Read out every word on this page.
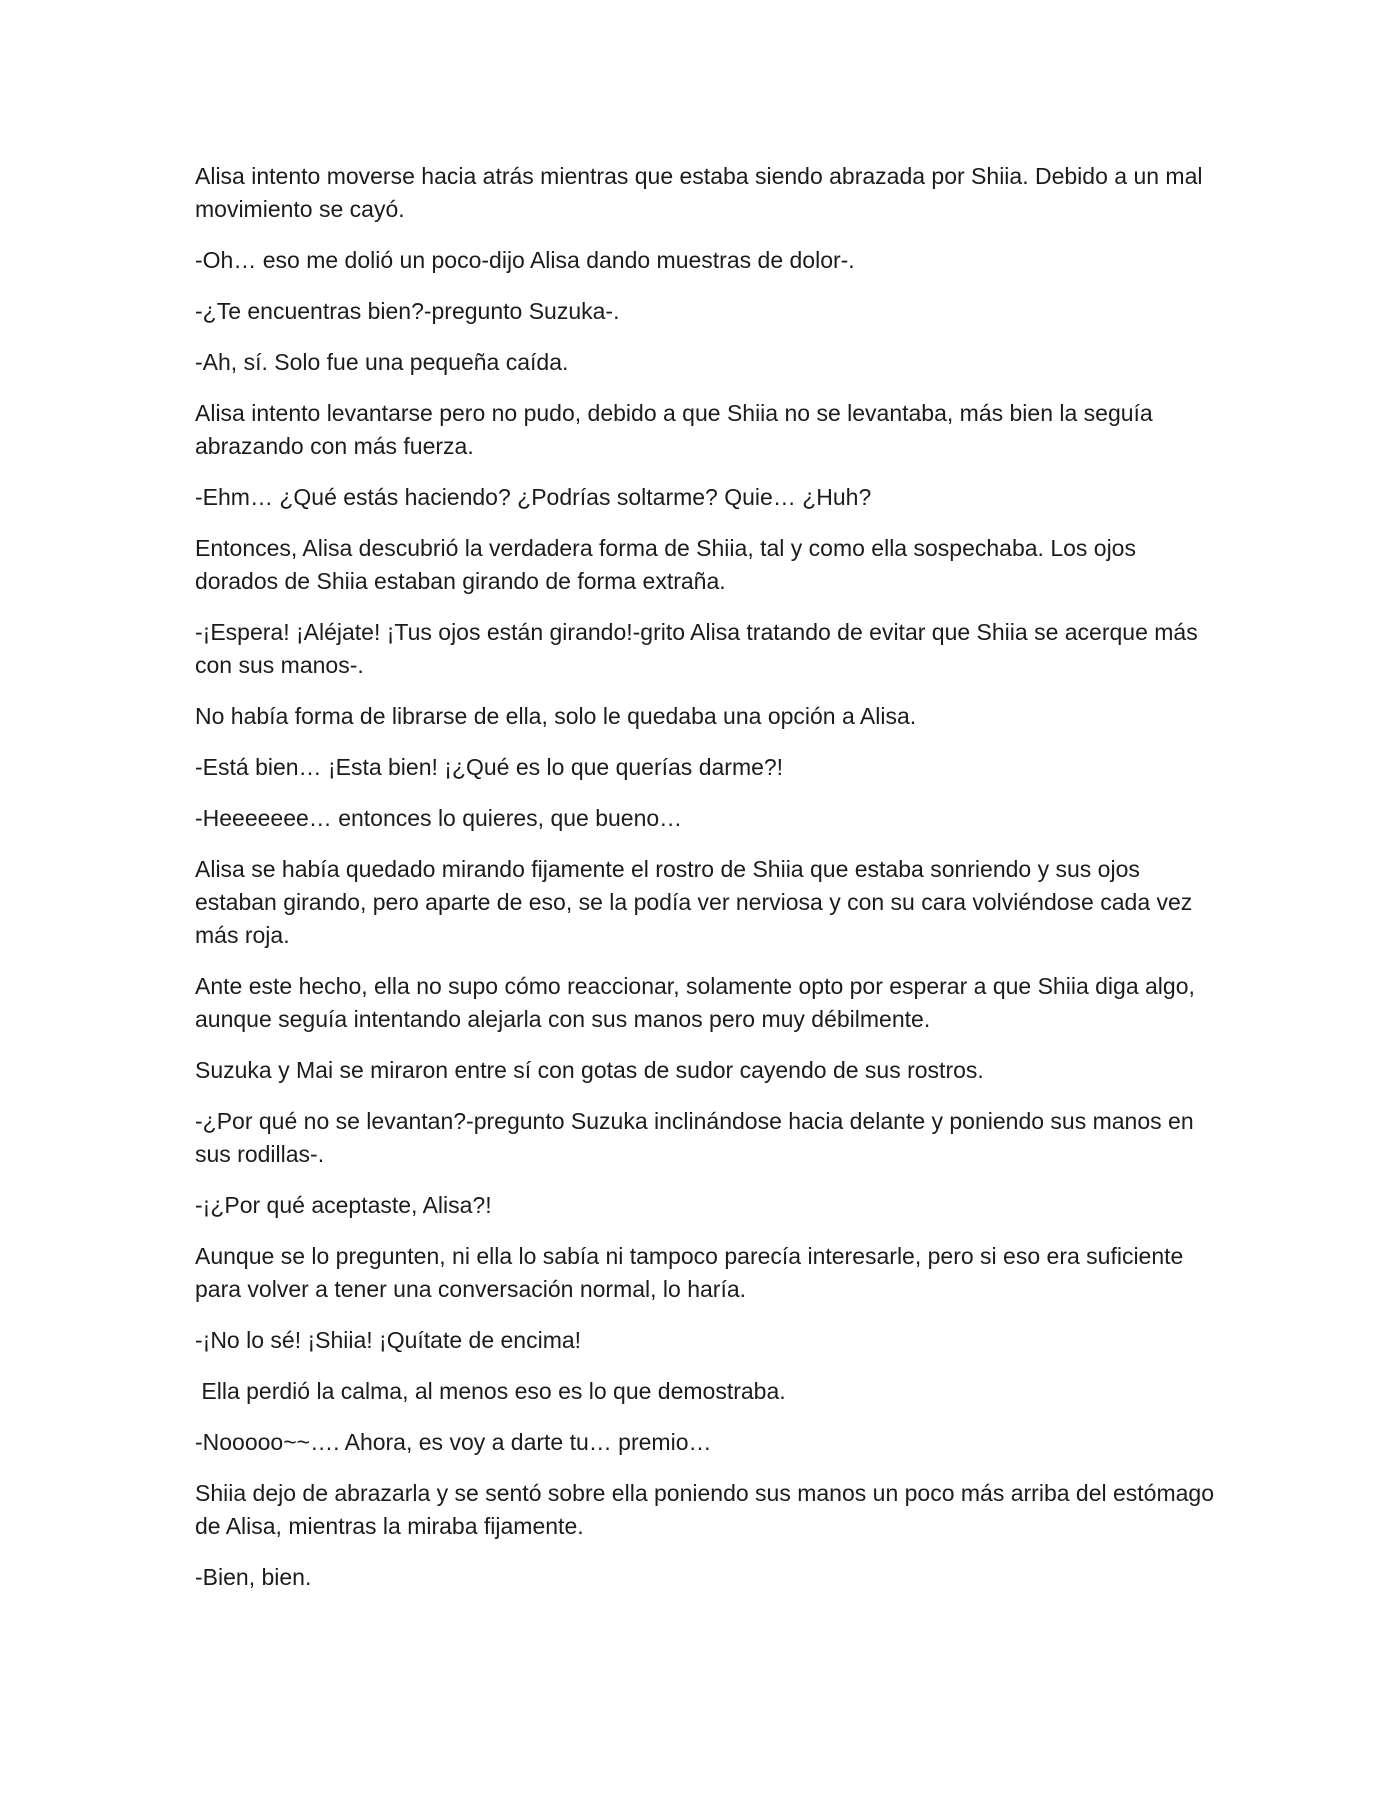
Alisa intento moverse hacia atrás mientras que estaba siendo abrazada por Shiia. Debido a un mal movimiento se cayó.

-Oh… eso me dolió un poco-dijo Alisa dando muestras de dolor-.

-¿Te encuentras bien?-pregunto Suzuka-.

-Ah, sí. Solo fue una pequeña caída.

Alisa intento levantarse pero no pudo, debido a que Shiia no se levantaba, más bien la seguía abrazando con más fuerza.

-Ehm… ¿Qué estás haciendo? ¿Podrías soltarme? Quie… ¿Huh?

Entonces, Alisa descubrió la verdadera forma de Shiia, tal y como ella sospechaba. Los ojos dorados de Shiia estaban girando de forma extraña.

-¡Espera! ¡Aléjate! ¡Tus ojos están girando!-grito Alisa tratando de evitar que Shiia se acerque más con sus manos-.

No había forma de librarse de ella, solo le quedaba una opción a Alisa.

-Está bien… ¡Esta bien! ¡¿Qué es lo que querías darme?!

-Heeeeeee… entonces lo quieres, que bueno…

Alisa se había quedado mirando fijamente el rostro de Shiia que estaba sonriendo y sus ojos estaban girando, pero aparte de eso, se la podía ver nerviosa y con su cara volviéndose cada vez más roja.

Ante este hecho, ella no supo cómo reaccionar, solamente opto por esperar a que Shiia diga algo, aunque seguía intentando alejarla con sus manos pero muy débilmente.

Suzuka y Mai se miraron entre sí con gotas de sudor cayendo de sus rostros.

-¿Por qué no se levantan?-pregunto Suzuka inclinándose hacia delante y poniendo sus manos en sus rodillas-.

-¡¿Por qué aceptaste, Alisa?!

Aunque se lo pregunten, ni ella lo sabía ni tampoco parecía interesarle, pero si eso era suficiente para volver a tener una conversación normal, lo haría.

-¡No lo sé! ¡Shiia! ¡Quítate de encima!

Ella perdió la calma, al menos eso es lo que demostraba.

-Nooooo~~…. Ahora, es voy a darte tu… premio…

Shiia dejo de abrazarla y se sentó sobre ella poniendo sus manos un poco más arriba del estómago de Alisa, mientras la miraba fijamente.

-Bien, bien.
